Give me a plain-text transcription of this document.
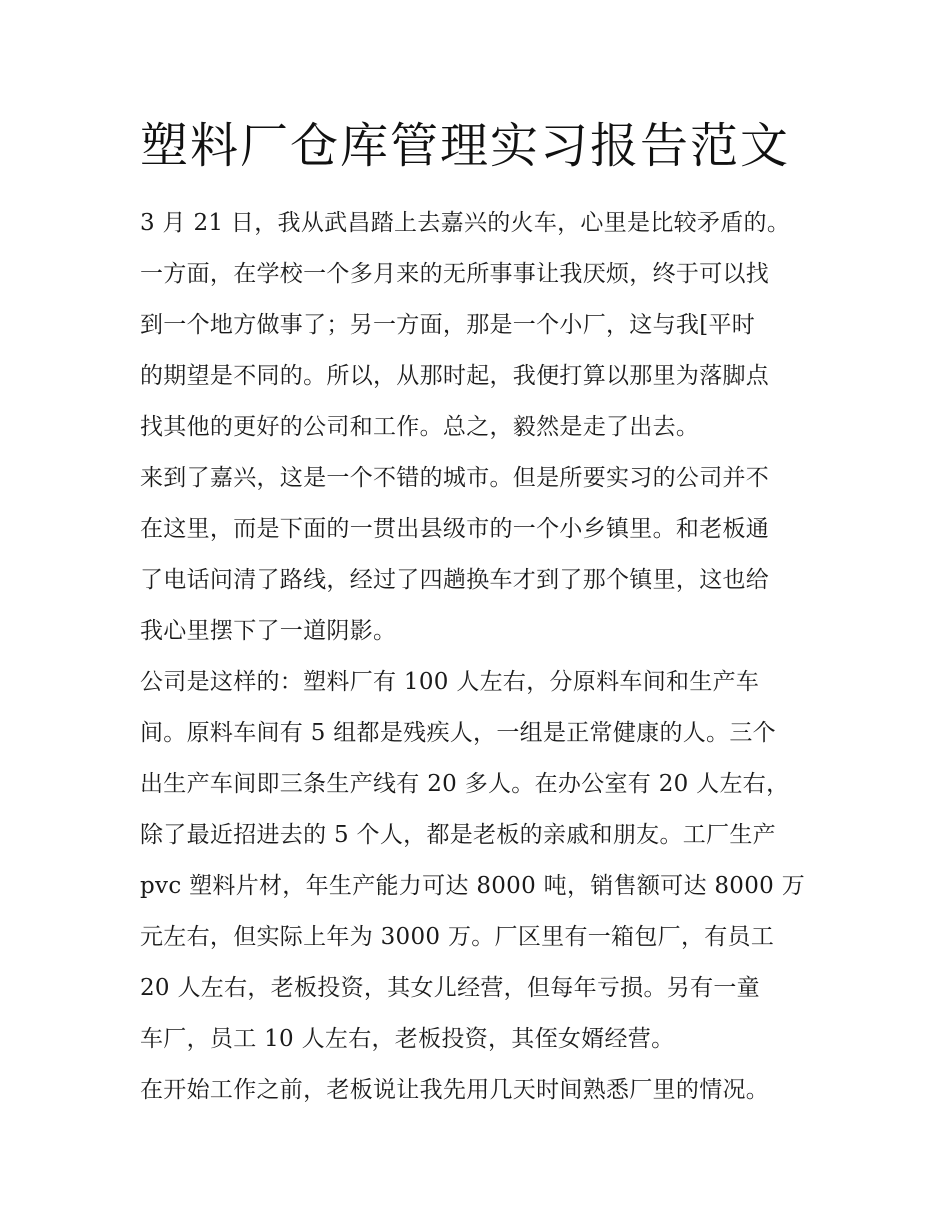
塑料厂仓库管理实习报告范文
3 月 21 日，我从武昌踏上去嘉兴的火车，心里是比较矛盾的。
一方面，在学校一个多月来的无所事事让我厌烦，终于可以找
到一个地方做事了；另一方面，那是一个小厂，这与我[平时
的期望是不同的。所以，从那时起，我便打算以那里为落脚点
找其他的更好的公司和工作。总之，毅然是走了出去。
来到了嘉兴，这是一个不错的城市。但是所要实习的公司并不
在这里，而是下面的一贯出县级市的一个小乡镇里。和老板通
了电话问清了路线，经过了四趟换车才到了那个镇里，这也给
我心里摆下了一道阴影。
公司是这样的：塑料厂有 100 人左右，分原料车间和生产车
间。原料车间有 5 组都是残疾人，一组是正常健康的人。三个
出生产车间即三条生产线有 20 多人。在办公室有 20 人左右，
除了最近招进去的 5 个人，都是老板的亲戚和朋友。工厂生产
pvc 塑料片材，年生产能力可达 8000 吨，销售额可达 8000 万
元左右，但实际上年为 3000 万。厂区里有一箱包厂，有员工
20 人左右，老板投资，其女儿经营，但每年亏损。另有一童
车厂，员工 10 人左右，老板投资，其侄女婿经营。
在开始工作之前，老板说让我先用几天时间熟悉厂里的情况。
